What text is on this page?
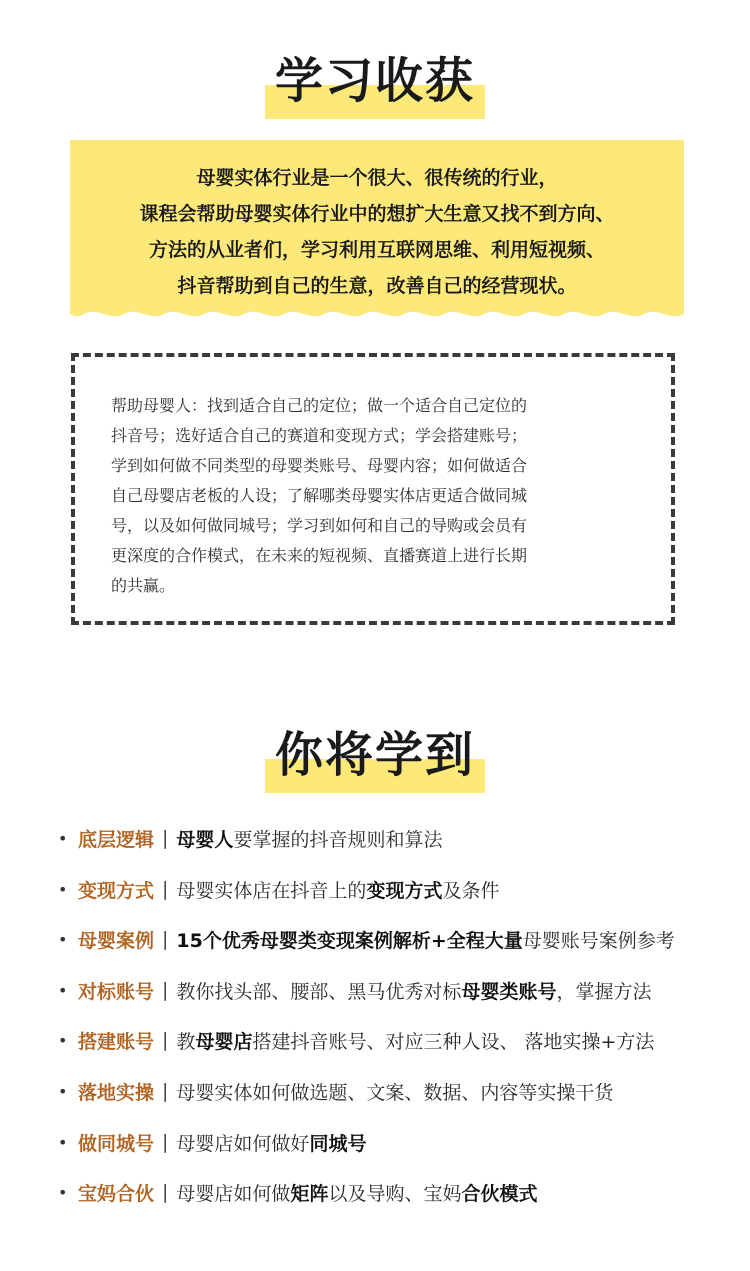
学习收获
母婴实体行业是一个很大、很传统的行业，
课程会帮助母婴实体行业中的想扩大生意又找不到方向、
方法的从业者们，学习利用互联网思维、利用短视频、
抖音帮助到自己的生意，改善自己的经营现状。
帮助母婴人：找到适合自己的定位；做一个适合自己定位的
抖音号；选好适合自己的赛道和变现方式；学会搭建账号；
学到如何做不同类型的母婴类账号、母婴内容；如何做适合
自己母婴店老板的人设；了解哪类母婴实体店更适合做同城
号，以及如何做同城号；学习到如何和自己的导购或会员有
更深度的合作模式，在未来的短视频、直播赛道上进行长期
的共赢。
你将学到
• 底层逻辑 | 母婴人要掌握的抖音规则和算法
• 变现方式 | 母婴实体店在抖音上的变现方式及条件
• 母婴案例 | 15个优秀母婴类变现案例解析+全程大量母婴账号案例参考
• 对标账号 | 教你找头部、腰部、黑马优秀对标母婴类账号，掌握方法
• 搭建账号 | 教母婴店搭建抖音账号、对应三种人设、 落地实操+方法
• 落地实操 | 母婴实体如何做选题、文案、数据、内容等实操干货
• 做同城号 | 母婴店如何做好同城号
• 宝妈合伙 | 母婴店如何做矩阵以及导购、宝妈合伙模式
